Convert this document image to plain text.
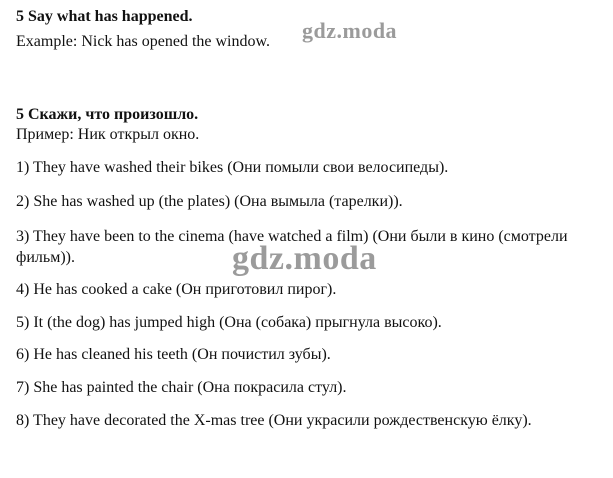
5 Say what has happened.
Example: Nick has opened the window. gdz.moda
5 Скажи, что произошло.
Пример: Ник открыл окно.
1) They have washed their bikes (Они помыли свои велосипеды).
2) She has washed up (the plates) (Она вымыла (тарелки)).
3) They have been to the cinema (have watched a film) (Они были в кино (смотрели фильм)).	gdz.moda
4) He has cooked a cake (Он приготовил пирог).
5) It (the dog) has jumped high (Она (собака) прыгнула высоко).
6) He has cleaned his teeth (Он почистил зубы).
7) She has painted the chair (Она покрасила стул).
8) They have decorated the X-mas tree (Они украсили рождественскую ёлку).
